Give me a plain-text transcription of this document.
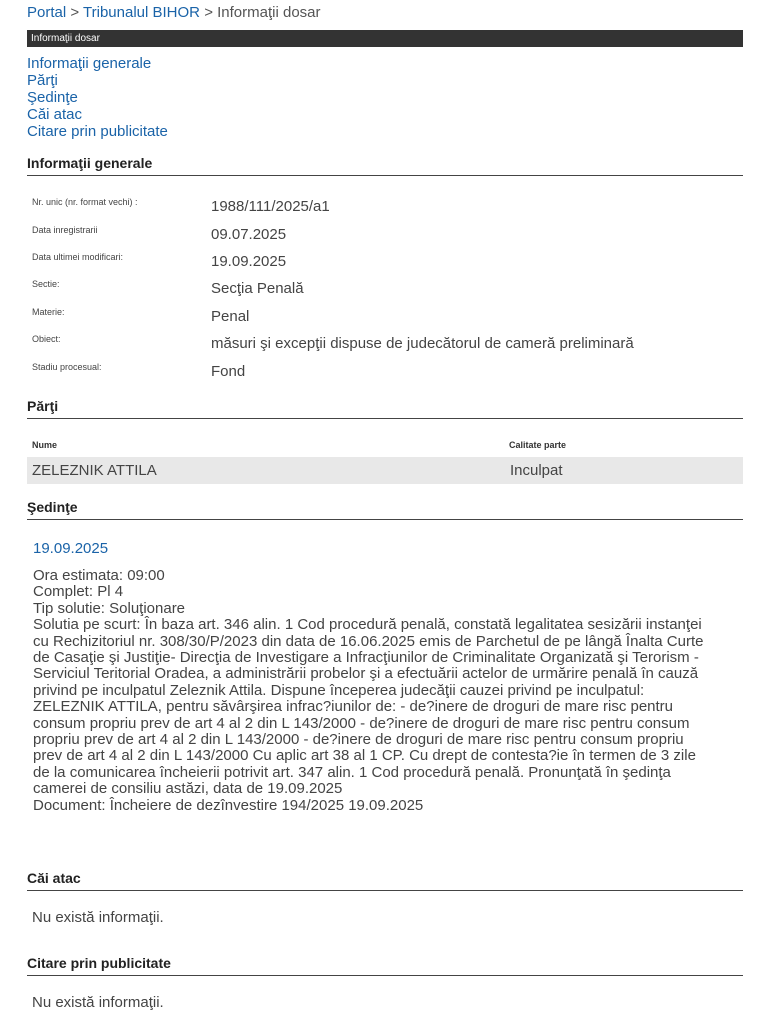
Portal > Tribunalul BIHOR > Informaţii dosar
Informaţii dosar
Informaţii generale
Părţi
Şedinţe
Căi atac
Citare prin publicitate
Informaţii generale
Nr. unic (nr. format vechi) :	1988/111/2025/a1
Data inregistrarii	09.07.2025
Data ultimei modificari:	19.09.2025
Sectie:	Secţia Penală
Materie:	Penal
Obiect:	măsuri şi excepţii dispuse de judecătorul de cameră preliminară
Stadiu procesual:	Fond
Părţi
Nume	Calitate parte
ZELEZNIK ATTILA	Inculpat
Şedinţe
19.09.2025
Ora estimata: 09:00
Complet: Pl 4
Tip solutie: Soluţionare
Solutia pe scurt: În baza art. 346 alin. 1 Cod procedură penală, constată legalitatea sesizării instanţei
cu Rechizitoriul nr. 308/30/P/2023 din data de 16.06.2025 emis de Parchetul de pe lângă Înalta Curte
de Casaţie şi Justiţie- Direcţia de Investigare a Infracţiunilor de Criminalitate Organizată şi Terorism -
Serviciul Teritorial Oradea, a administrării probelor şi a efectuării actelor de urmărire penală în cauză
privind pe inculpatul Zeleznik Attila. Dispune începerea judecăţii cauzei privind pe inculpatul:
ZELEZNIK ATTILA, pentru săvârşirea infrac?iunilor de: - de?inere de droguri de mare risc pentru
consum propriu prev de art 4 al 2 din L 143/2000 - de?inere de droguri de mare risc pentru consum
propriu prev de art 4 al 2 din L 143/2000 - de?inere de droguri de mare risc pentru consum propriu
prev de art 4 al 2 din L 143/2000 Cu aplic art 38 al 1 CP. Cu drept de contesta?ie în termen de 3 zile
de la comunicarea încheierii potrivit art. 347 alin. 1 Cod procedură penală. Pronunţată în şedinţa
camerei de consiliu astăzi, data de 19.09.2025
Document: Încheiere de dezînvestire 194/2025 19.09.2025
Căi atac
Nu există informaţii.
Citare prin publicitate
Nu există informaţii.
